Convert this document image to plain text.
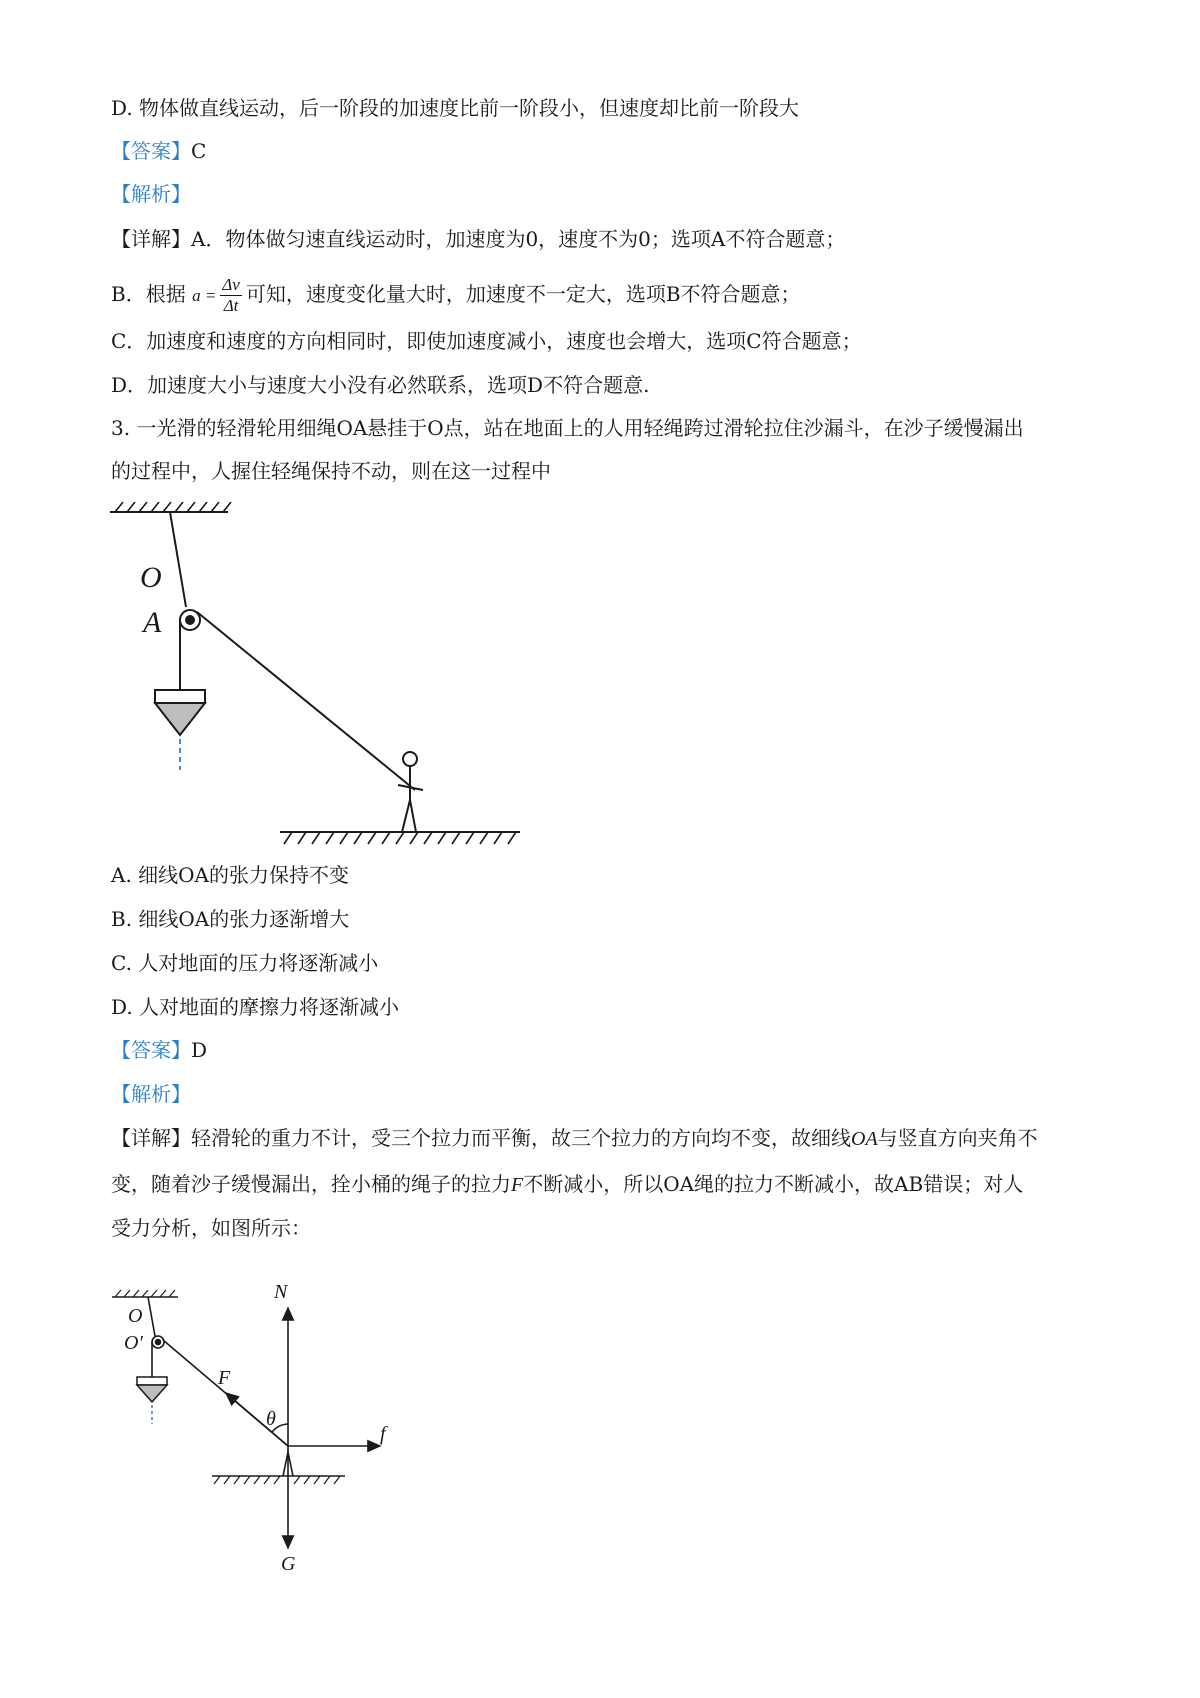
D. 物体做直线运动，后一阶段的加速度比前一阶段小，但速度却比前一阶段大
【答案】C
【解析】
【详解】A．物体做匀速直线运动时，加速度为0，速度不为0；选项A不符合题意；
B．根据 $a = \frac{\Delta v}{\Delta t}$ 可知，速度变化量大时，加速度不一定大，选项B不符合题意；
C．加速度和速度的方向相同时，即使加速度减小，速度也会增大，选项C符合题意；
D．加速度大小与速度大小没有必然联系，选项D不符合题意.
3. 一光滑的轻滑轮用细绳OA悬挂于O点，站在地面上的人用轻绳跨过滑轮拉住沙漏斗，在沙子缓慢漏出
的过程中，人握住轻绳保持不动，则在这一过程中
O
A
A. 细线OA的张力保持不变
B. 细线OA的张力逐渐增大
C. 人对地面的压力将逐渐减小
D. 人对地面的摩擦力将逐渐减小
【答案】D
【解析】
【详解】轻滑轮的重力不计，受三个拉力而平衡，故三个拉力的方向均不变，故细线OA与竖直方向夹角不
变，随着沙子缓慢漏出，拴小桶的绳子的拉力F不断减小，所以OA绳的拉力不断减小，故AB错误；对人
受力分析，如图所示：
O
O′
F
θ
N
f
G
